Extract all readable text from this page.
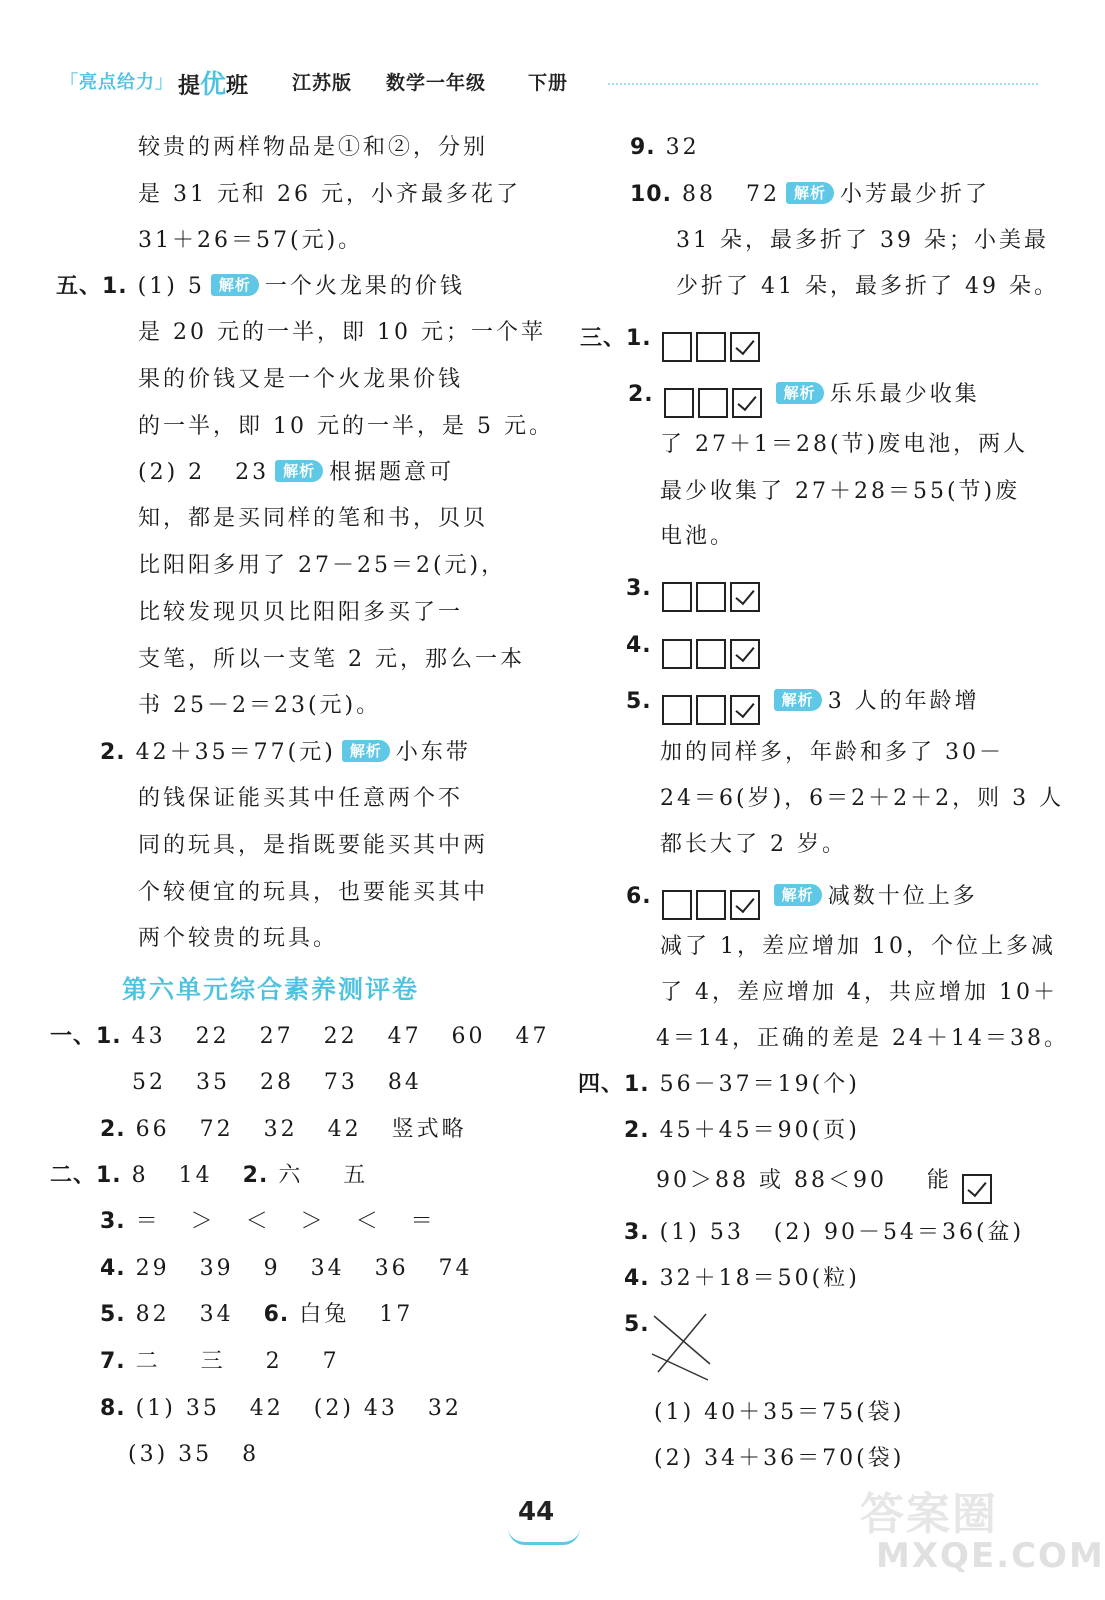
「亮点给力」 提优班 江苏版 数学一年级 下册
较贵的两样物品是①和②，分别
是 31 元和 26 元，小齐最多花了
31＋26＝57(元)。
五、1. (1) 5 解析 一个火龙果的价钱
是 20 元的一半，即 10 元；一个苹
果的价钱又是一个火龙果价钱
的一半，即 10 元的一半，是 5 元。
(2) 2   23 解析 根据题意可
知，都是买同样的笔和书，贝贝
比阳阳多用了 27－25＝2(元)，
比较发现贝贝比阳阳多买了一
支笔，所以一支笔 2 元，那么一本
书 25－2＝23(元)。
2. 42＋35＝77(元) 解析 小东带
的钱保证能买其中任意两个不
同的玩具，是指既要能买其中两
个较便宜的玩具，也要能买其中
两个较贵的玩具。
第六单元综合素养测评卷
一、1. 43   22   27   22   47   60   47
52   35   28   73   84
2. 66   72   32   42   竖式略
二、1. 8   14 2. 六    五
3. ＝   ＞   ＜   ＞   ＜   ＝
4. 29   39   9   34   36   74
5. 82   34 6. 白兔   17
7. 二    三    2    7
8. (1) 35   42   (2) 43   32
(3) 35   8
9. 32
10. 88   72 解析 小芳最少折了
31 朵，最多折了 39 朵；小美最
少折了 41 朵，最多折了 49 朵。
三、1.
2.	解析 乐乐最少收集
了 27＋1＝28(节)废电池，两人
最少收集了 27＋28＝55(节)废
电池。
3.
4.
5.	解析 3 人的年龄增
加的同样多，年龄和多了 30－
24＝6(岁)，6＝2＋2＋2，则 3 人
都长大了 2 岁。
6.	解析 减数十位上多
减了 1，差应增加 10，个位上多减
了 4，差应增加 4，共应增加 10＋
4＝14，正确的差是 24＋14＝38。
四、1. 56－37＝19(个)
2. 45＋45＝90(页)
90＞88 或 88＜90    能
3. (1) 53   (2) 90－54＝36(盆)
4. 32＋18＝50(粒)
5.
(1) 40＋35＝75(袋)
(2) 34＋36＝70(袋)
44	答案圈
MXQE.COM
